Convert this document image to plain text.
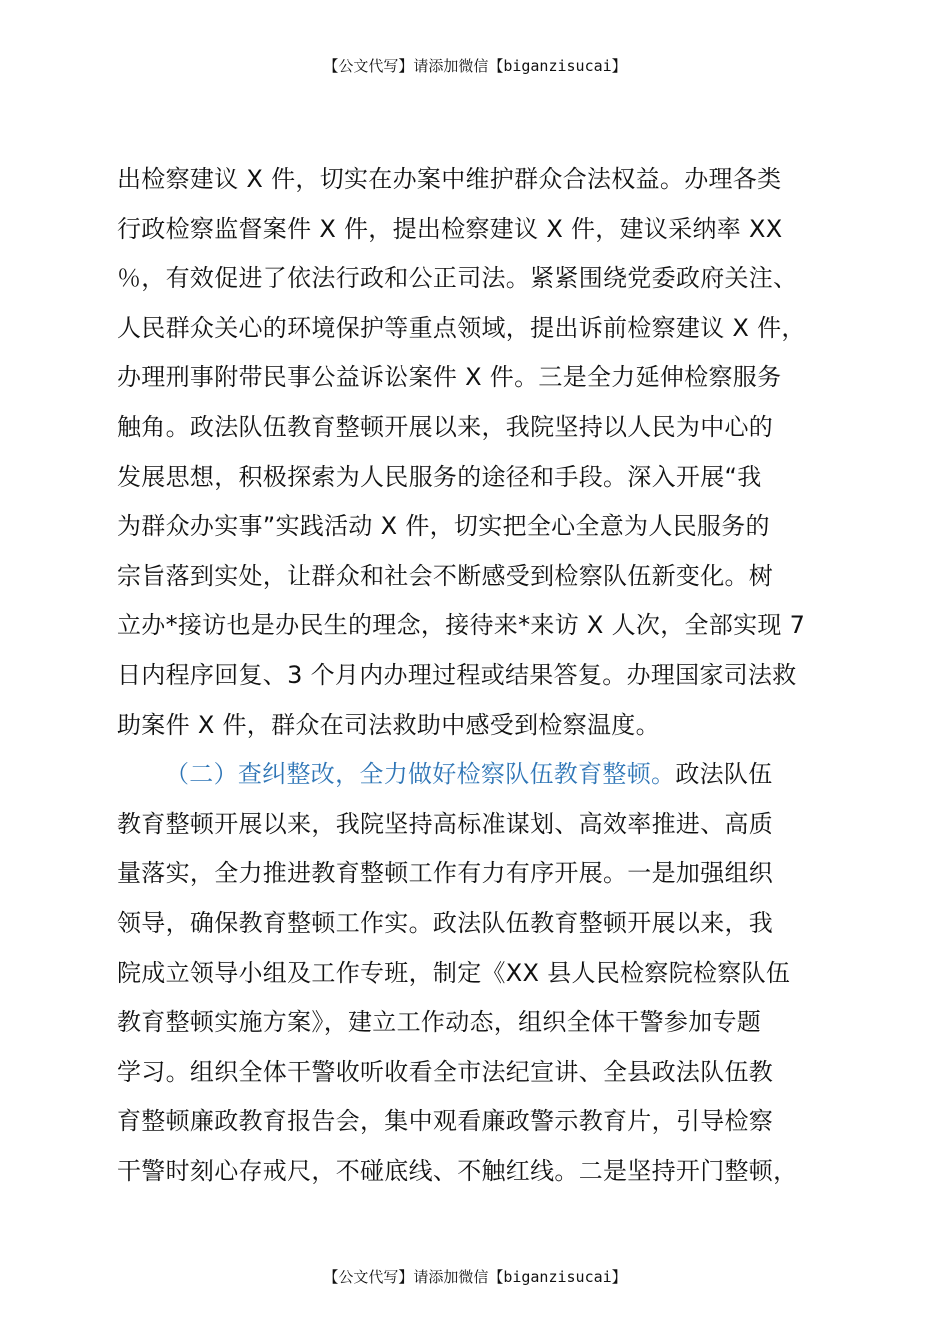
【公文代写】请添加微信【biganzisucai】
出检察建议 X 件，切实在办案中维护群众合法权益。办理各类
行政检察监督案件 X 件，提出检察建议 X 件，建议采纳率 XX
％，有效促进了依法行政和公正司法。紧紧围绕党委政府关注、
人民群众关心的环境保护等重点领域，提出诉前检察建议 X 件，
办理刑事附带民事公益诉讼案件 X 件。三是全力延伸检察服务
触角。政法队伍教育整顿开展以来，我院坚持以人民为中心的
发展思想，积极探索为人民服务的途径和手段。深入开展“我
为群众办实事”实践活动 X 件，切实把全心全意为人民服务的
宗旨落到实处，让群众和社会不断感受到检察队伍新变化。树
立办*接访也是办民生的理念，接待来*来访 X 人次，全部实现 7
日内程序回复、3 个月内办理过程或结果答复。办理国家司法救
助案件 X 件，群众在司法救助中感受到检察温度。
（二）查纠整改，全力做好检察队伍教育整顿。政法队伍
教育整顿开展以来，我院坚持高标准谋划、高效率推进、高质
量落实，全力推进教育整顿工作有力有序开展。一是加强组织
领导，确保教育整顿工作实。政法队伍教育整顿开展以来，我
院成立领导小组及工作专班，制定《XX 县人民检察院检察队伍
教育整顿实施方案》，建立工作动态，组织全体干警参加专题
学习。组织全体干警收听收看全市法纪宣讲、全县政法队伍教
育整顿廉政教育报告会，集中观看廉政警示教育片，引导检察
干警时刻心存戒尺，不碰底线、不触红线。二是坚持开门整顿，
【公文代写】请添加微信【biganzisucai】
